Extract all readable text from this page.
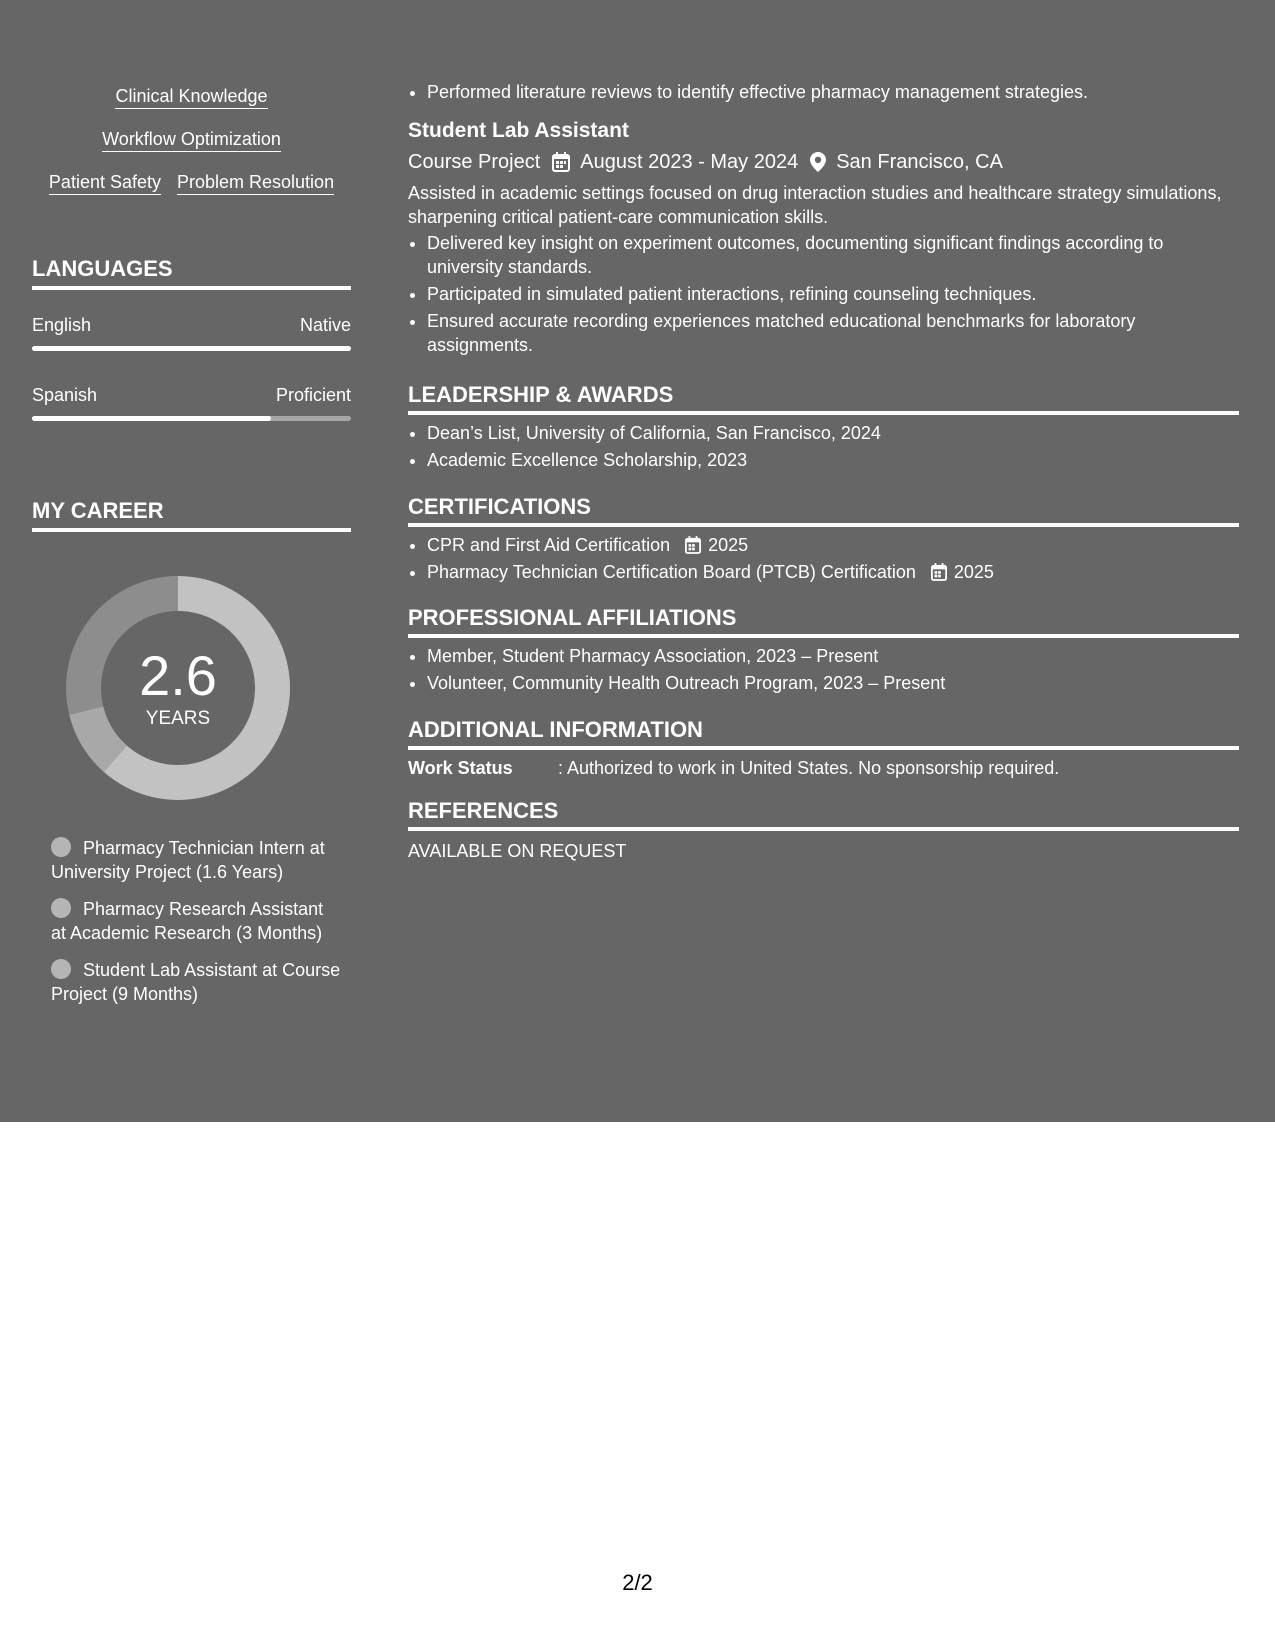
Clinical Knowledge
Workflow Optimization
Patient Safety Problem Resolution
LANGUAGES
English	Native
Spanish	Proficient
MY CAREER
2.6
YEARS
Pharmacy Technician Intern at University Project (1.6 Years)
Pharmacy Research Assistant at Academic Research (3 Months)
Student Lab Assistant at Course Project (9 Months)
• Performed literature reviews to identify effective pharmacy management strategies.
Student Lab Assistant
Course Project August 2023 - May 2024 San Francisco, CA
Assisted in academic settings focused on drug interaction studies and healthcare strategy simulations, sharpening critical patient-care communication skills.
• Delivered key insight on experiment outcomes, documenting significant findings according to university standards.
• Participated in simulated patient interactions, refining counseling techniques.
• Ensured accurate recording experiences matched educational benchmarks for laboratory assignments.
LEADERSHIP & AWARDS
• Dean’s List, University of California, San Francisco, 2024
• Academic Excellence Scholarship, 2023
CERTIFICATIONS
• CPR and First Aid Certification 2025
• Pharmacy Technician Certification Board (PTCB) Certification 2025
PROFESSIONAL AFFILIATIONS
• Member, Student Pharmacy Association, 2023 – Present
• Volunteer, Community Health Outreach Program, 2023 – Present
ADDITIONAL INFORMATION
Work Status	: Authorized to work in United States. No sponsorship required.
REFERENCES
AVAILABLE ON REQUEST
2/2
